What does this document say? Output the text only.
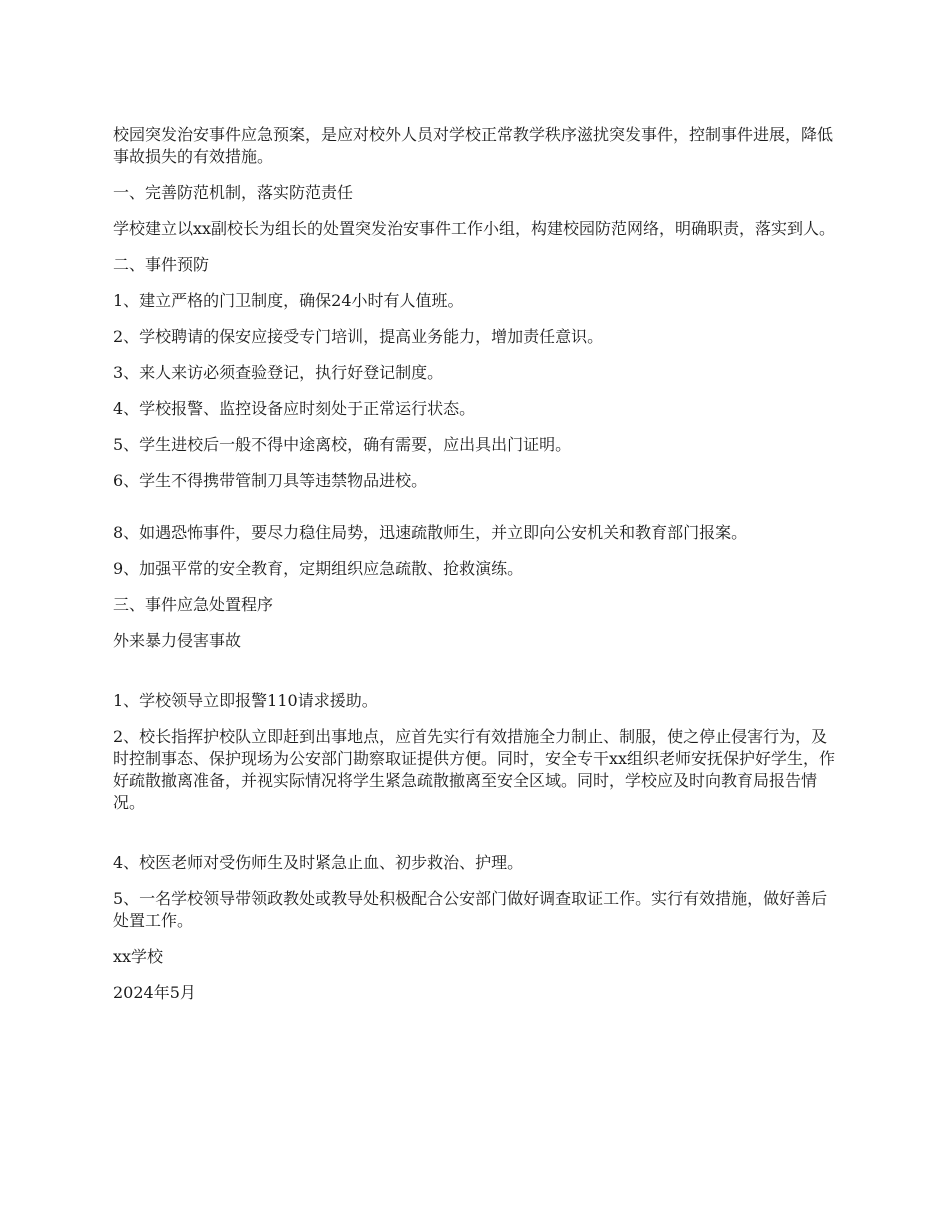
校园突发治安事件应急预案，是应对校外人员对学校正常教学秩序滋扰突发事件，控制事件进展，降低事故损失的有效措施。

一、完善防范机制，落实防范责任

学校建立以xx副校长为组长的处置突发治安事件工作小组，构建校园防范网络，明确职责，落实到人。

二、事件预防

1、建立严格的门卫制度，确保24小时有人值班。

2、学校聘请的保安应接受专门培训，提高业务能力，增加责任意识。

3、来人来访必须查验登记，执行好登记制度。

4、学校报警、监控设备应时刻处于正常运行状态。

5、学生进校后一般不得中途离校，确有需要，应出具出门证明。

6、学生不得携带管制刀具等违禁物品进校。

8、如遇恐怖事件，要尽力稳住局势，迅速疏散师生，并立即向公安机关和教育部门报案。

9、加强平常的安全教育，定期组织应急疏散、抢救演练。

三、事件应急处置程序

外来暴力侵害事故

1、学校领导立即报警110请求援助。

2、校长指挥护校队立即赶到出事地点，应首先实行有效措施全力制止、制服，使之停止侵害行为，及时控制事态、保护现场为公安部门勘察取证提供方便。同时，安全专干xx组织老师安抚保护好学生，作好疏散撤离准备，并视实际情况将学生紧急疏散撤离至安全区域。同时，学校应及时向教育局报告情况。

4、校医老师对受伤师生及时紧急止血、初步救治、护理。

5、一名学校领导带领政教处或教导处积极配合公安部门做好调查取证工作。实行有效措施，做好善后处置工作。

xx学校

2024年5月
